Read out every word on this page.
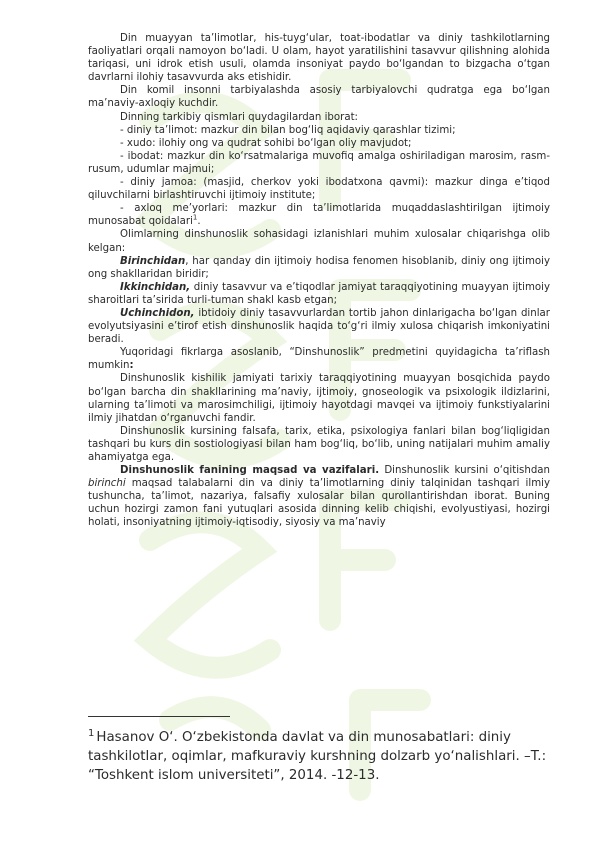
Din muayyan ta’limotlar, his-tuyg‘ular, toat-ibodatlar va diniy tashkilotlarning faoliyatlari orqali namoyon bo‘ladi. U olam, hayot yaratilishini tasavvur qilishning alohida tariqasi, uni idrok etish usuli, olamda insoniyat paydo bo‘lgandan to bizgacha o‘tgan davrlarni ilohiy tasavvurda aks etishidir.

Din komil insonni tarbiyalashda asosiy tarbiyalovchi qudratga ega bo‘lgan ma’naviy-axloqiy kuchdir.

Dinning tarkibiy qismlari quydagilardan iborat:

- diniy ta’limot: mazkur din bilan bog‘liq aqidaviy qarashlar tizimi;

- xudo: ilohiy ong va qudrat sohibi bo‘lgan oliy mavjudot;

- ibodat: mazkur din ko‘rsatmalariga muvofiq amalga oshiriladigan marosim, rasm-rusum, udumlar majmui;

- diniy jamoa: (masjid, cherkov yoki ibodatxona qavmi): mazkur dinga e’tiqod qiluvchilarni birlashtiruvchi ijtimoiy institute;

- axloq me’yorlari: mazkur din ta’limotlarida muqaddaslashtirilgan ijtimoiy munosabat qoidalari$^1$.

Olimlarning dinshunoslik sohasidagi izlanishlari muhim xulosalar chiqarishga olib kelgan:

Birinchidan, har qanday din ijtimoiy hodisa fenomen hisoblanib, diniy ong ijtimoiy ong shakllaridan biridir;

Ikkinchidan, diniy tasavvur va e’tiqodlar jamiyat taraqqiyotining muayyan ijtimoiy sharoitlari ta’sirida turli-tuman shakl kasb etgan;

Uchinchidon, ibtidoiy diniy tasavvurlardan tortib jahon dinlarigacha bo‘lgan dinlar evolyutsiyasini e’tirof etish dinshunoslik haqida to‘g‘ri ilmiy xulosa chiqarish imkoniyatini beradi.

Yuqoridagi fikrlarga asoslanib, “Dinshunoslik” predmetini quyidagicha ta’riflash mumkin:

Dinshunoslik kishilik jamiyati tarixiy taraqqiyotining muayyan bosqichida paydo bo‘lgan barcha din shakllarining ma’naviy, ijtimoiy, gnoseologik va psixologik ildizlarini, ularning ta’limoti va marosimchiligi, ijtimoiy hayotdagi mavqei va ijtimoiy funkstiyalarini ilmiy jihatdan o‘rganuvchi fandir.

Dinshunoslik kursining falsafa, tarix, etika, psixologiya fanlari bilan bog‘liqligidan tashqari bu kurs din sostiologiyasi bilan ham bog‘liq, bo‘lib, uning natijalari muhim amaliy ahamiyatga ega.

Dinshunoslik fanining maqsad va vazifalari. Dinshunoslik kursini o‘qitishdan birinchi maqsad talabalarni din va diniy ta’limotlarning diniy talqinidan tashqari ilmiy tushuncha, ta’limot, nazariya, falsafiy xulosalar bilan qurollantirishdan iborat. Buning uchun hozirgi zamon fani yutuqlari asosida dinning kelib chiqishi, evolyustiyasi, hozirgi holati, insoniyatning ijtimoiy-iqtisodiy, siyosiy va ma’naviy

$^1$ Hasanov O‘. O‘zbekistonda davlat va din munosabatlari: diniy tashkilotlar, oqimlar, mafkuraviy kurshning dolzarb yo‘nalishlari. –T.: “Toshkent islom universiteti”, 2014. -12-13.
